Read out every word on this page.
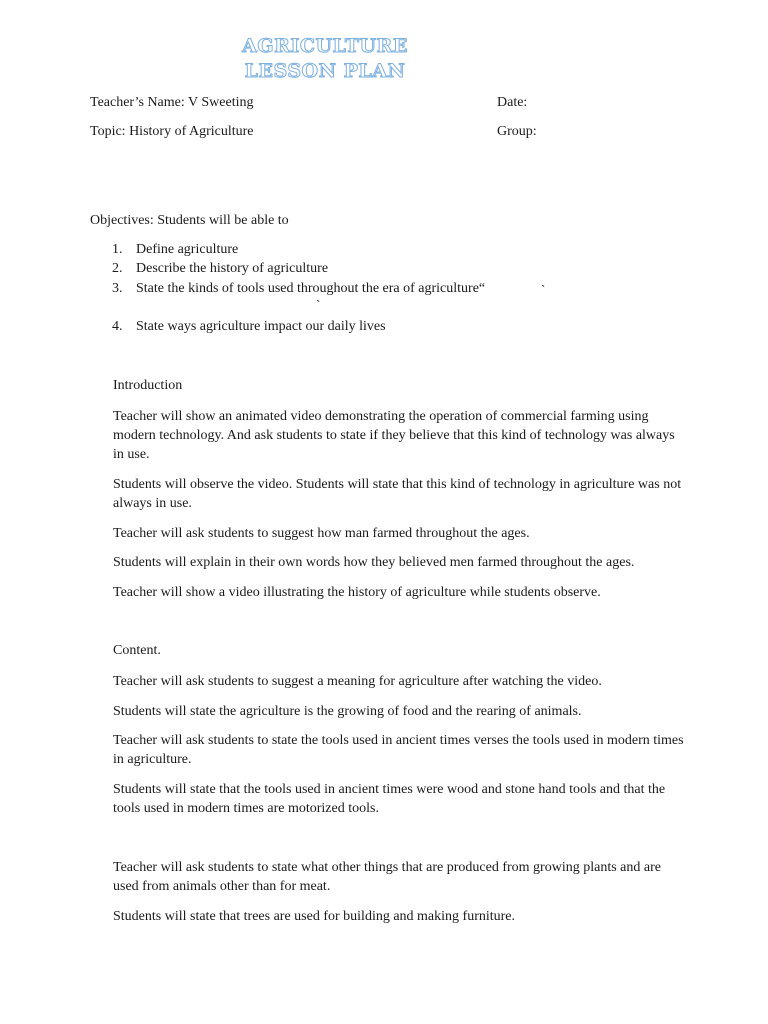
AGRICULTURE
LESSON PLAN
Teacher’s Name: V Sweeting	Date:
Topic: History of Agriculture	Group:
Objectives: Students will be able to
1. Define agriculture
2. Describe the history of agriculture
3. State the kinds of tools used throughout the era of agriculture“
4. State ways agriculture impact our daily lives
`
`
Introduction
Teacher will show an animated video demonstrating the operation of commercial farming using modern technology. And ask students to state if they believe that this kind of technology was always in use.
Students will observe the video. Students will state that this kind of technology in agriculture was not always in use.
Teacher will ask students to suggest how man farmed throughout the ages.
Students will explain in their own words how they believed men farmed throughout the ages.
Teacher will show a video illustrating the history of agriculture while students observe.
Content.
Teacher will ask students to suggest a meaning for agriculture after watching the video.
Students will state the agriculture is the growing of food and the rearing of animals.
Teacher will ask students to state the tools used in ancient times verses the tools used in modern times in agriculture.
Students will state that the tools used in ancient times were wood and stone hand tools and that the tools used in modern times are motorized tools.
Teacher will ask students to state what other things that are produced from growing plants and are used from animals other than for meat.
Students will state that trees are used for building and making furniture.
